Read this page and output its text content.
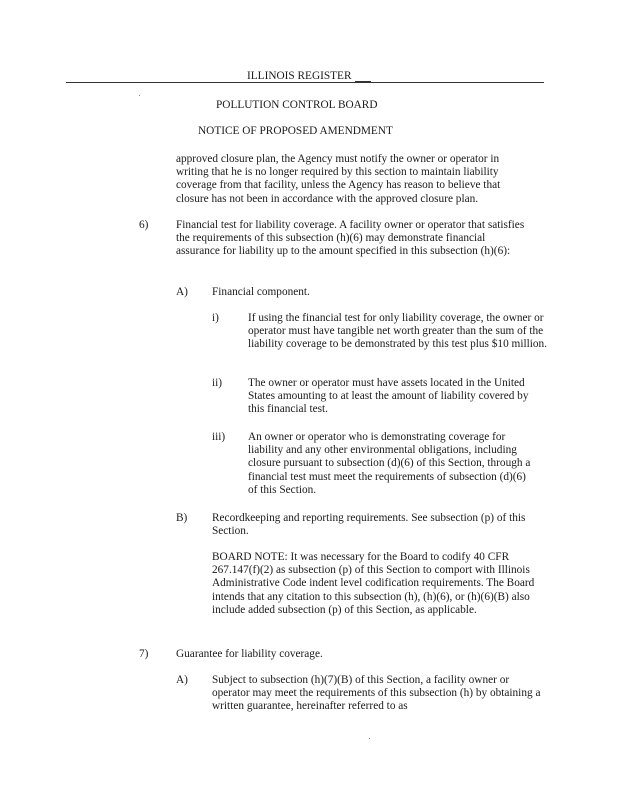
ILLINOIS REGISTER
POLLUTION CONTROL BOARD
NOTICE OF PROPOSED AMENDMENT
approved closure plan, the Agency must notify the owner or operator in writing that he is no longer required by this section to maintain liability coverage from that facility, unless the Agency has reason to believe that closure has not been in accordance with the approved closure plan.
6) Financial test for liability coverage. A facility owner or operator that satisfies the requirements of this subsection (h)(6) may demonstrate financial assurance for liability up to the amount specified in this subsection (h)(6):
A) Financial component.
i)	If using the financial test for only liability coverage, the owner or operator must have tangible net worth greater than the sum of the liability coverage to be demonstrated by this test plus $10 million.
ii) The owner or operator must have assets located in the United States amounting to at least the amount of liability covered by this financial test.
iii) An owner or operator who is demonstrating coverage for liability and any other environmental obligations, including closure pursuant to subsection (d)(6) of this Section, through a financial test must meet the requirements of subsection (d)(6) of this Section.
B) Recordkeeping and reporting requirements. See subsection (p) of this Section.
BOARD NOTE: It was necessary for the Board to codify 40 CFR 267.147(f)(2) as subsection (p) of this Section to comport with Illinois Administrative Code indent level codification requirements. The Board intends that any citation to this subsection (h), (h)(6), or (h)(6)(B) also include added subsection (p) of this Section, as applicable.
7) Guarantee for liability coverage.
A) Subject to subsection (h)(7)(B) of this Section, a facility owner or operator may meet the requirements of this subsection (h) by obtaining a written guarantee, hereinafter referred to as
